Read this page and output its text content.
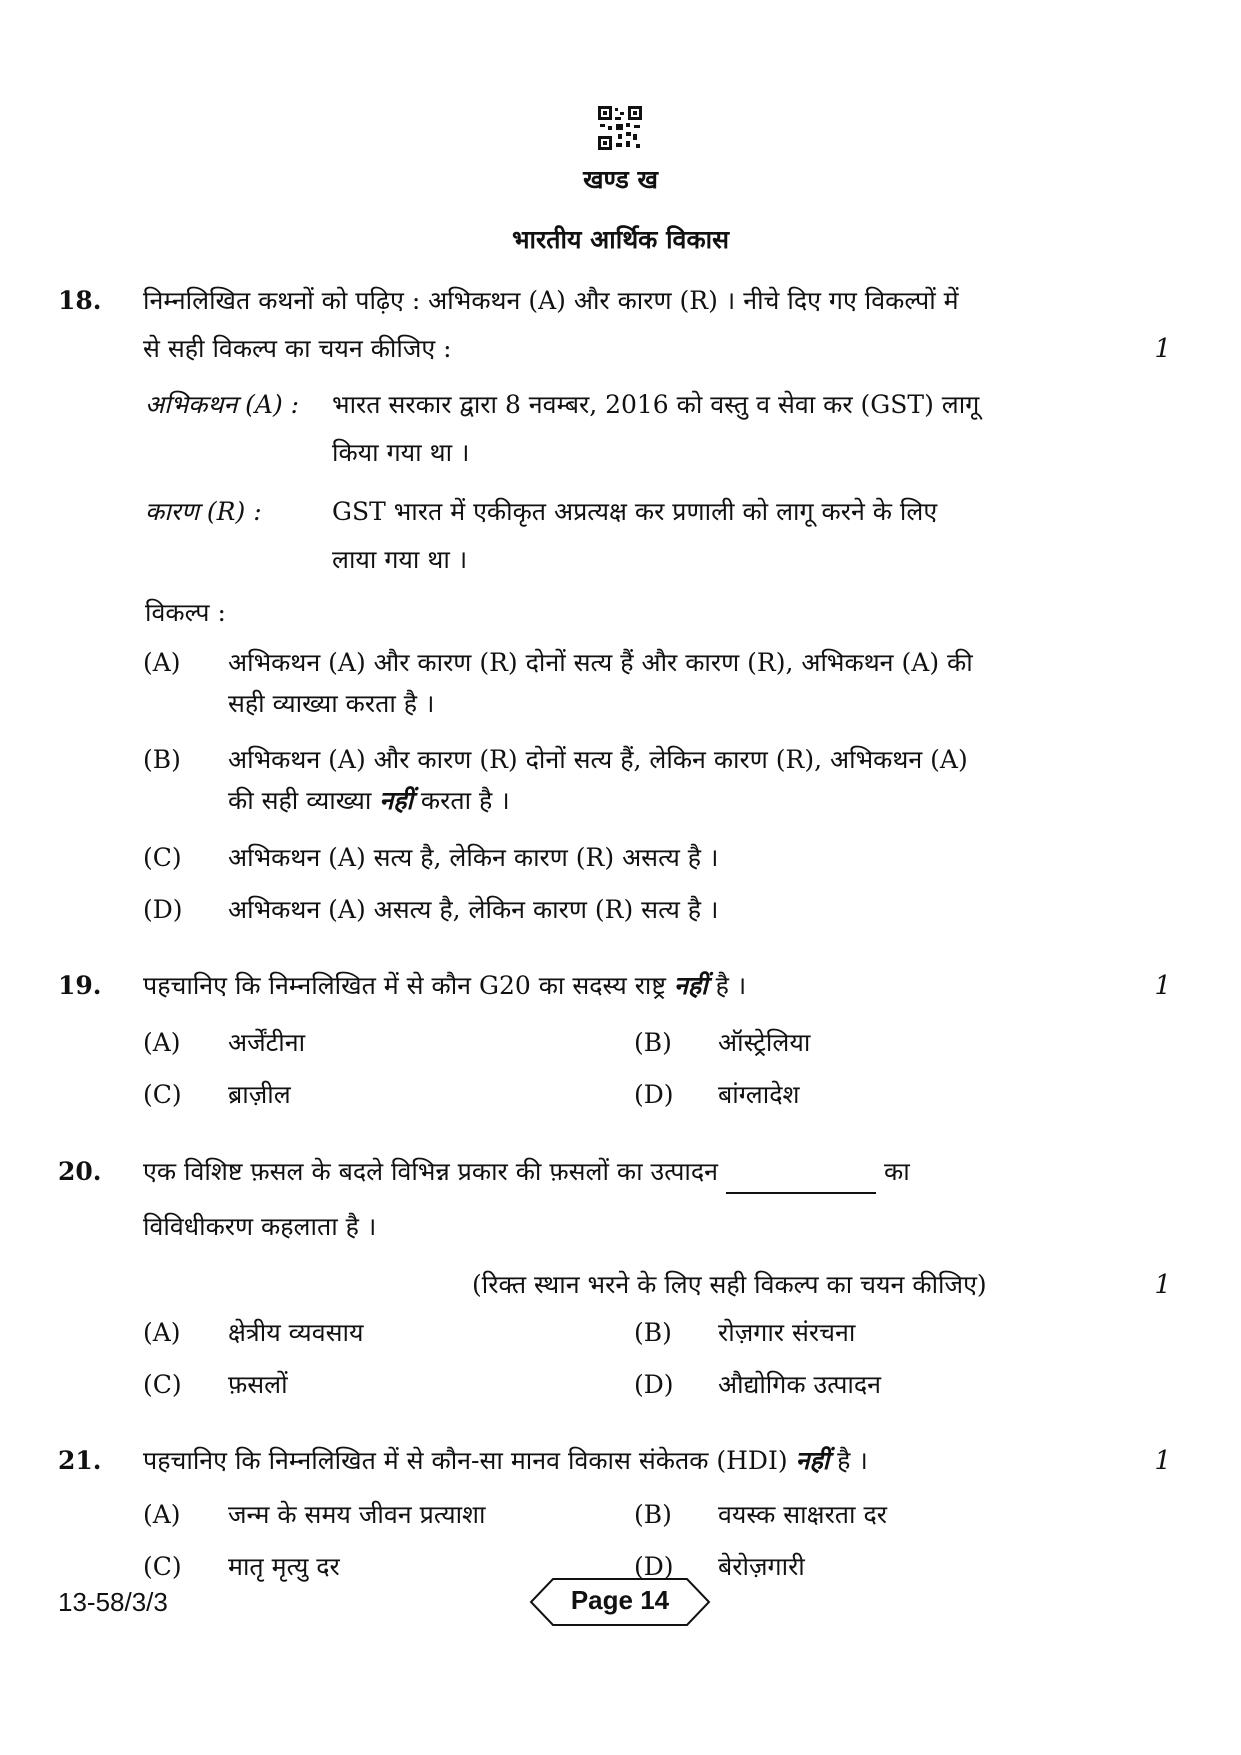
खण्ड ख
भारतीय आर्थिक विकास
18. निम्नलिखित कथनों को पढ़िए : अभिकथन (A) और कारण (R) । नीचे दिए गए विकल्पों में
से सही विकल्प का चयन कीजिए :	1
अभिकथन (A) : भारत सरकार द्वारा 8 नवम्बर, 2016 को वस्तु व सेवा कर (GST) लागू
किया गया था ।
कारण (R) :	GST भारत में एकीकृत अप्रत्यक्ष कर प्रणाली को लागू करने के लिए
लाया गया था ।
विकल्प :
(A) अभिकथन (A) और कारण (R) दोनों सत्य हैं और कारण (R), अभिकथन (A) की
सही व्याख्या करता है ।
(B) अभिकथन (A) और कारण (R) दोनों सत्य हैं, लेकिन कारण (R), अभिकथन (A)
की सही व्याख्या नहीं करता है ।
(C) अभिकथन (A) सत्य है, लेकिन कारण (R) असत्य है ।
(D) अभिकथन (A) असत्य है, लेकिन कारण (R) सत्य है ।
19. पहचानिए कि निम्नलिखित में से कौन G20 का सदस्य राष्ट्र नहीं है ।	1
(A) अर्जेंटीना	(B) ऑस्ट्रेलिया
(C) ब्राज़ील	(D) बांग्लादेश
20. एक विशिष्ट फ़सल के बदले विभिन्न प्रकार की फ़सलों का उत्पादन	का
विविधीकरण कहलाता है ।
(रिक्त स्थान भरने के लिए सही विकल्प का चयन कीजिए)	1
(A) क्षेत्रीय व्यवसाय	(B) रोज़गार संरचना
(C) फ़सलों	(D) औद्योगिक उत्पादन
21. पहचानिए कि निम्नलिखित में से कौन-सा मानव विकास संकेतक (HDI) नहीं है ।	1
(A) जन्म के समय जीवन प्रत्याशा	(B) वयस्क साक्षरता दर
(C) मातृ मृत्यु दर	(D) बेरोज़गारी
13-58/3/3	Page 14
